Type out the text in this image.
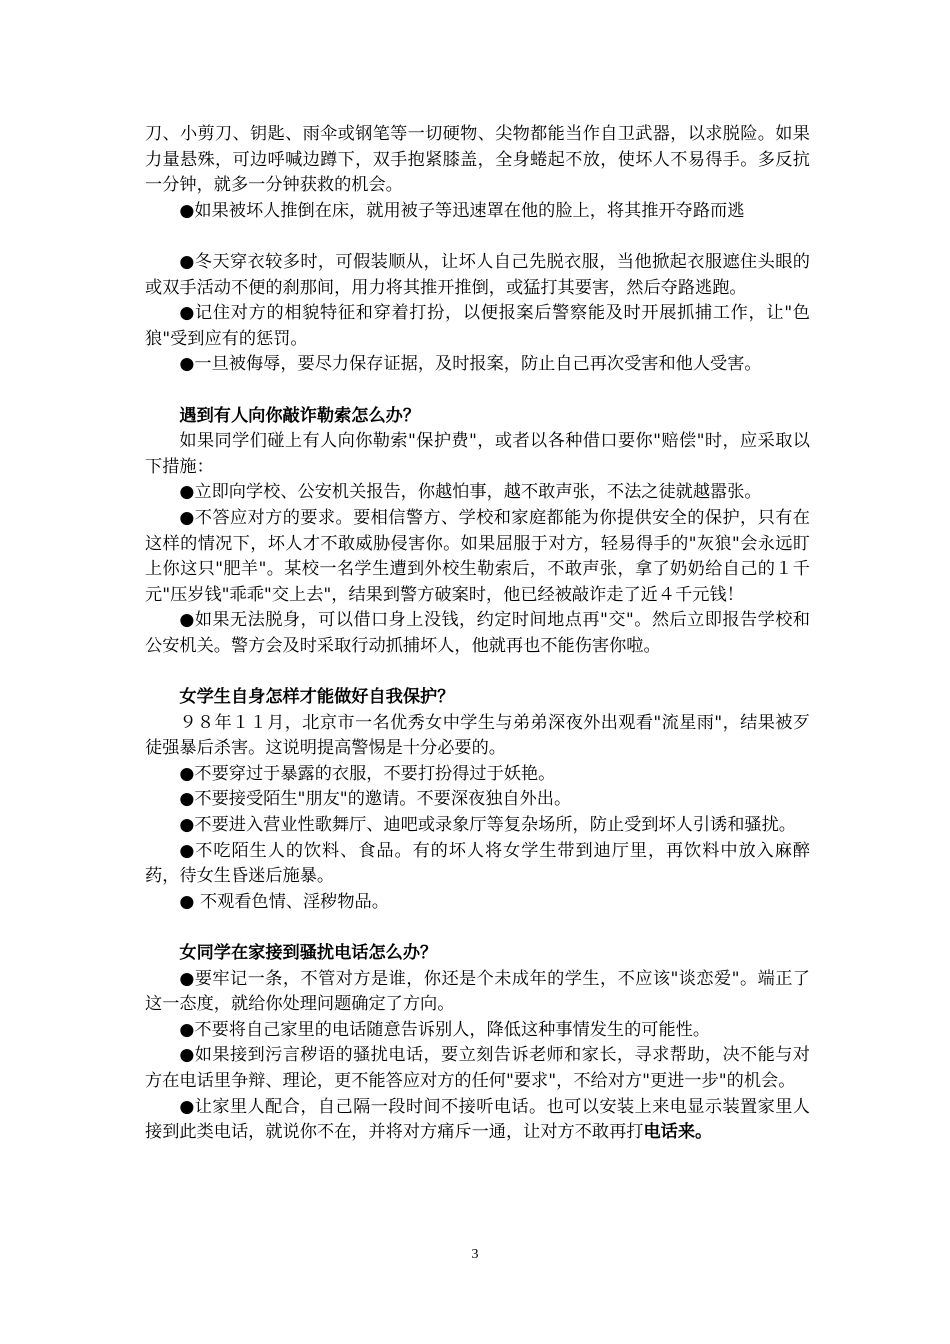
刀、小剪刀、钥匙、雨伞或钢笔等一切硬物、尖物都能当作自卫武器，以求脱险。如果力量悬殊，可边呼喊边蹲下，双手抱紧膝盖，全身蜷起不放，使坏人不易得手。多反抗一分钟，就多一分钟获救的机会。

●如果被坏人推倒在床，就用被子等迅速罩在他的脸上，将其推开夺路而逃

●冬天穿衣较多时，可假装顺从，让坏人自己先脱衣服，当他掀起衣服遮住头眼的或双手活动不便的刹那间，用力将其推开推倒，或猛打其要害，然后夺路逃跑。

●记住对方的相貌特征和穿着打扮，以便报案后警察能及时开展抓捕工作，让"色狼"受到应有的惩罚。

●一旦被侮辱，要尽力保存证据，及时报案，防止自己再次受害和他人受害。

遇到有人向你敲诈勒索怎么办？

如果同学们碰上有人向你勒索"保护费"，或者以各种借口要你"赔偿"时，应采取以下措施：

●立即向学校、公安机关报告，你越怕事，越不敢声张，不法之徒就越嚣张。

●不答应对方的要求。要相信警方、学校和家庭都能为你提供安全的保护，只有在这样的情况下，坏人才不敢威胁侵害你。如果屈服于对方，轻易得手的"灰狼"会永远盯上你这只"肥羊"。某校一名学生遭到外校生勒索后，不敢声张，拿了奶奶给自己的１千元"压岁钱"乖乖"交上去"，结果到警方破案时，他已经被敲诈走了近４千元钱！

●如果无法脱身，可以借口身上没钱，约定时间地点再"交"。然后立即报告学校和公安机关。警方会及时采取行动抓捕坏人，他就再也不能伤害你啦。

女学生自身怎样才能做好自我保护？

９８年１１月，北京市一名优秀女中学生与弟弟深夜外出观看"流星雨"，结果被歹徒强暴后杀害。这说明提高警惕是十分必要的。

●不要穿过于暴露的衣服，不要打扮得过于妖艳。

●不要接受陌生"朋友"的邀请。不要深夜独自外出。

●不要进入营业性歌舞厅、迪吧或录象厅等复杂场所，防止受到坏人引诱和骚扰。

●不吃陌生人的饮料、食品。有的坏人将女学生带到迪厅里，再饮料中放入麻醉药，待女生昏迷后施暴。

● 不观看色情、淫秽物品。

女同学在家接到骚扰电话怎么办？

●要牢记一条，不管对方是谁，你还是个未成年的学生，不应该"谈恋爱"。端正了这一态度，就给你处理问题确定了方向。

●不要将自己家里的电话随意告诉别人，降低这种事情发生的可能性。

●如果接到污言秽语的骚扰电话，要立刻告诉老师和家长，寻求帮助，决不能与对方在电话里争辩、理论，更不能答应对方的任何"要求"，不给对方"更进一步"的机会。

●让家里人配合，自己隔一段时间不接听电话。也可以安装上来电显示装置家里人接到此类电话，就说你不在，并将对方痛斥一通，让对方不敢再打电话来。

3
